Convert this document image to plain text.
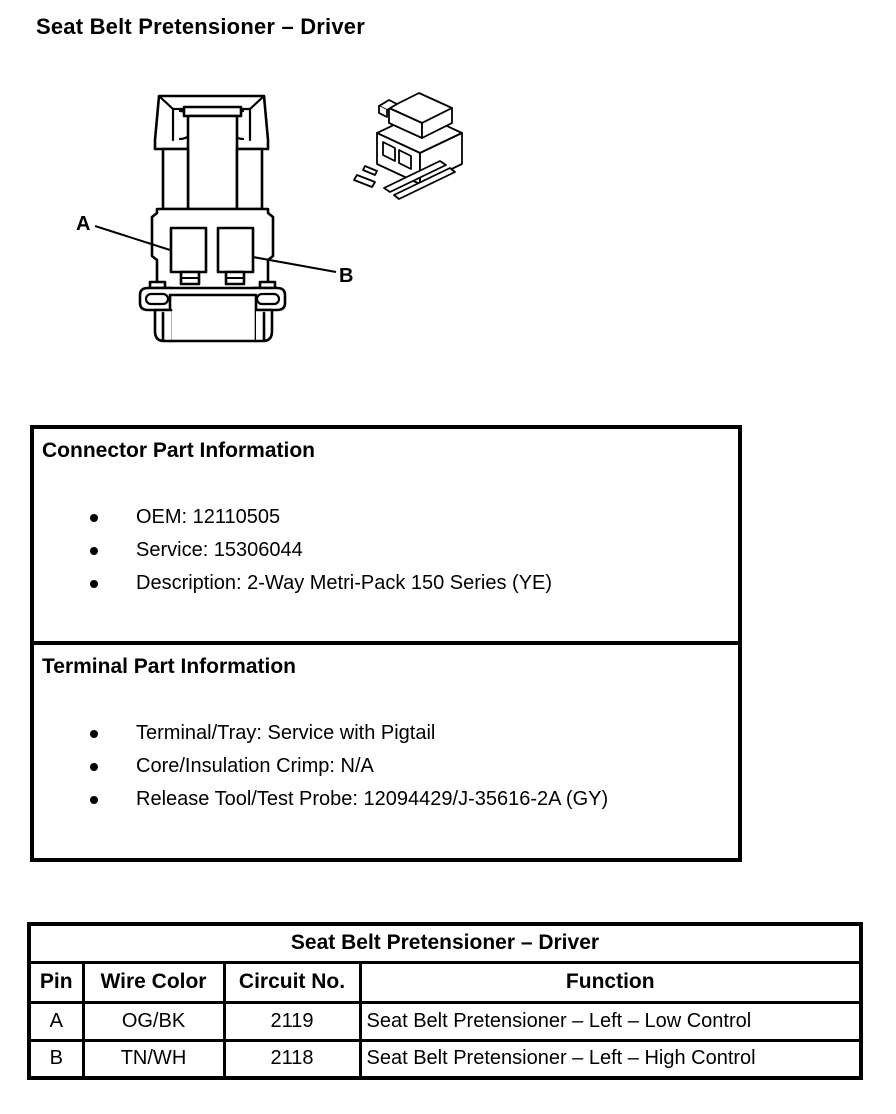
Seat Belt Pretensioner – Driver
A
B
Connector Part Information
OEM: 12110505
Service: 15306044
Description: 2-Way Metri-Pack 150 Series (YE)
Terminal Part Information
Terminal/Tray: Service with Pigtail
Core/Insulation Crimp: N/A
Release Tool/Test Probe: 12094429/J-35616-2A (GY)
Seat Belt Pretensioner – Driver			
Pin	Wire Color	Circuit No.	Function
A	OG/BK	2119	Seat Belt Pretensioner – Left – Low Control
B	TN/WH	2118	Seat Belt Pretensioner – Left – High Control
